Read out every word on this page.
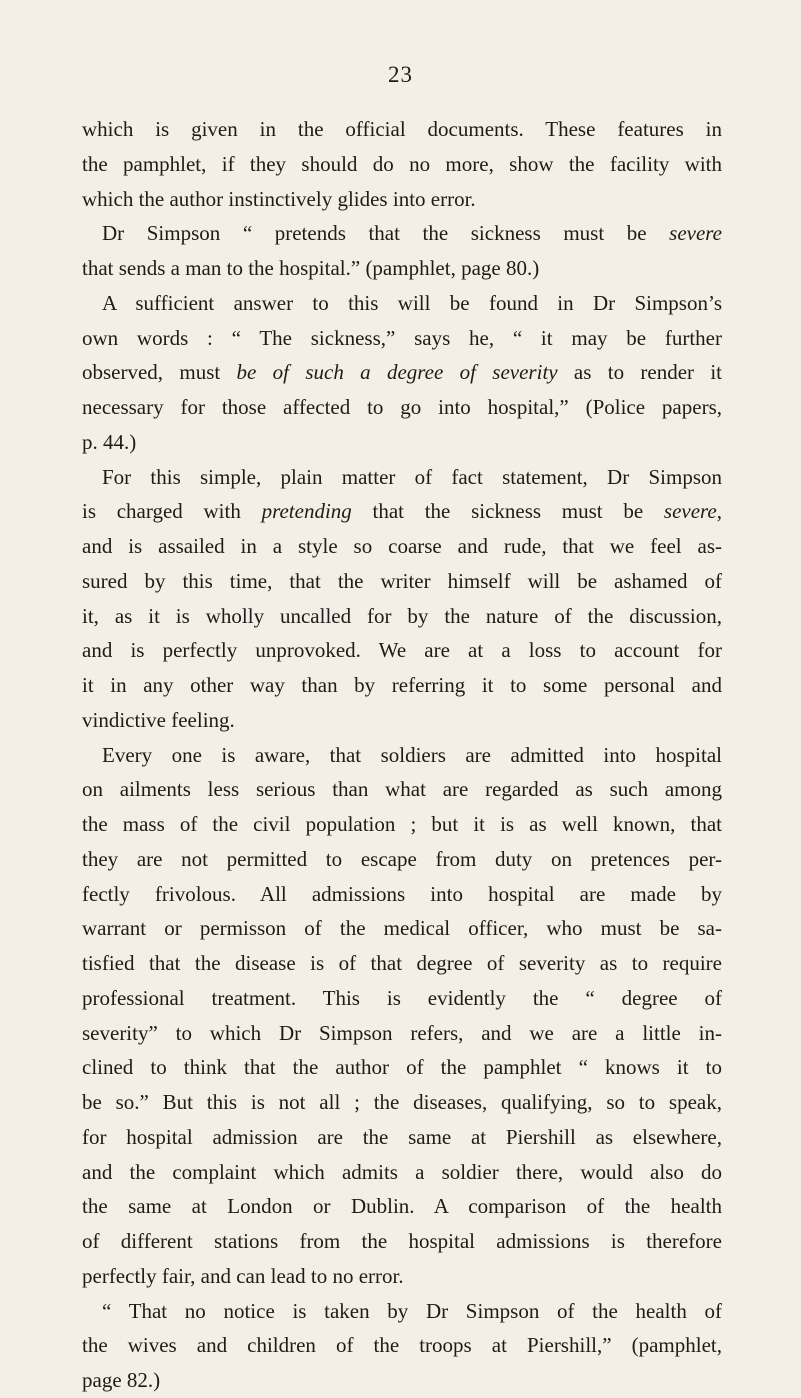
23
which is given in the official documents. These features in
the pamphlet, if they should do no more, show the facility with
which the author instinctively glides into error.
Dr Simpson “ pretends that the sickness must be severe
that sends a man to the hospital.” (pamphlet, page 80.)
A sufficient answer to this will be found in Dr Simpson’s
own words : “ The sickness,” says he, “ it may be further
observed, must be of such a degree of severity as to render it
necessary for those affected to go into hospital,” (Police papers,
p. 44.)
For this simple, plain matter of fact statement, Dr Simpson
is charged with pretending that the sickness must be severe,
and is assailed in a style so coarse and rude, that we feel as-
sured by this time, that the writer himself will be ashamed of
it, as it is wholly uncalled for by the nature of the discussion,
and is perfectly unprovoked. We are at a loss to account for
it in any other way than by referring it to some personal and
vindictive feeling.
Every one is aware, that soldiers are admitted into hospital
on ailments less serious than what are regarded as such among
the mass of the civil population ; but it is as well known, that
they are not permitted to escape from duty on pretences per-
fectly frivolous. All admissions into hospital are made by
warrant or permisson of the medical officer, who must be sa-
tisfied that the disease is of that degree of severity as to require
professional treatment. This is evidently the “ degree of
severity” to which Dr Simpson refers, and we are a little in-
clined to think that the author of the pamphlet “ knows it to
be so.” But this is not all ; the diseases, qualifying, so to speak,
for hospital admission are the same at Piershill as elsewhere,
and the complaint which admits a soldier there, would also do
the same at London or Dublin. A comparison of the health
of different stations from the hospital admissions is therefore
perfectly fair, and can lead to no error.
“ That no notice is taken by Dr Simpson of the health of
the wives and children of the troops at Piershill,” (pamphlet,
page 82.)
